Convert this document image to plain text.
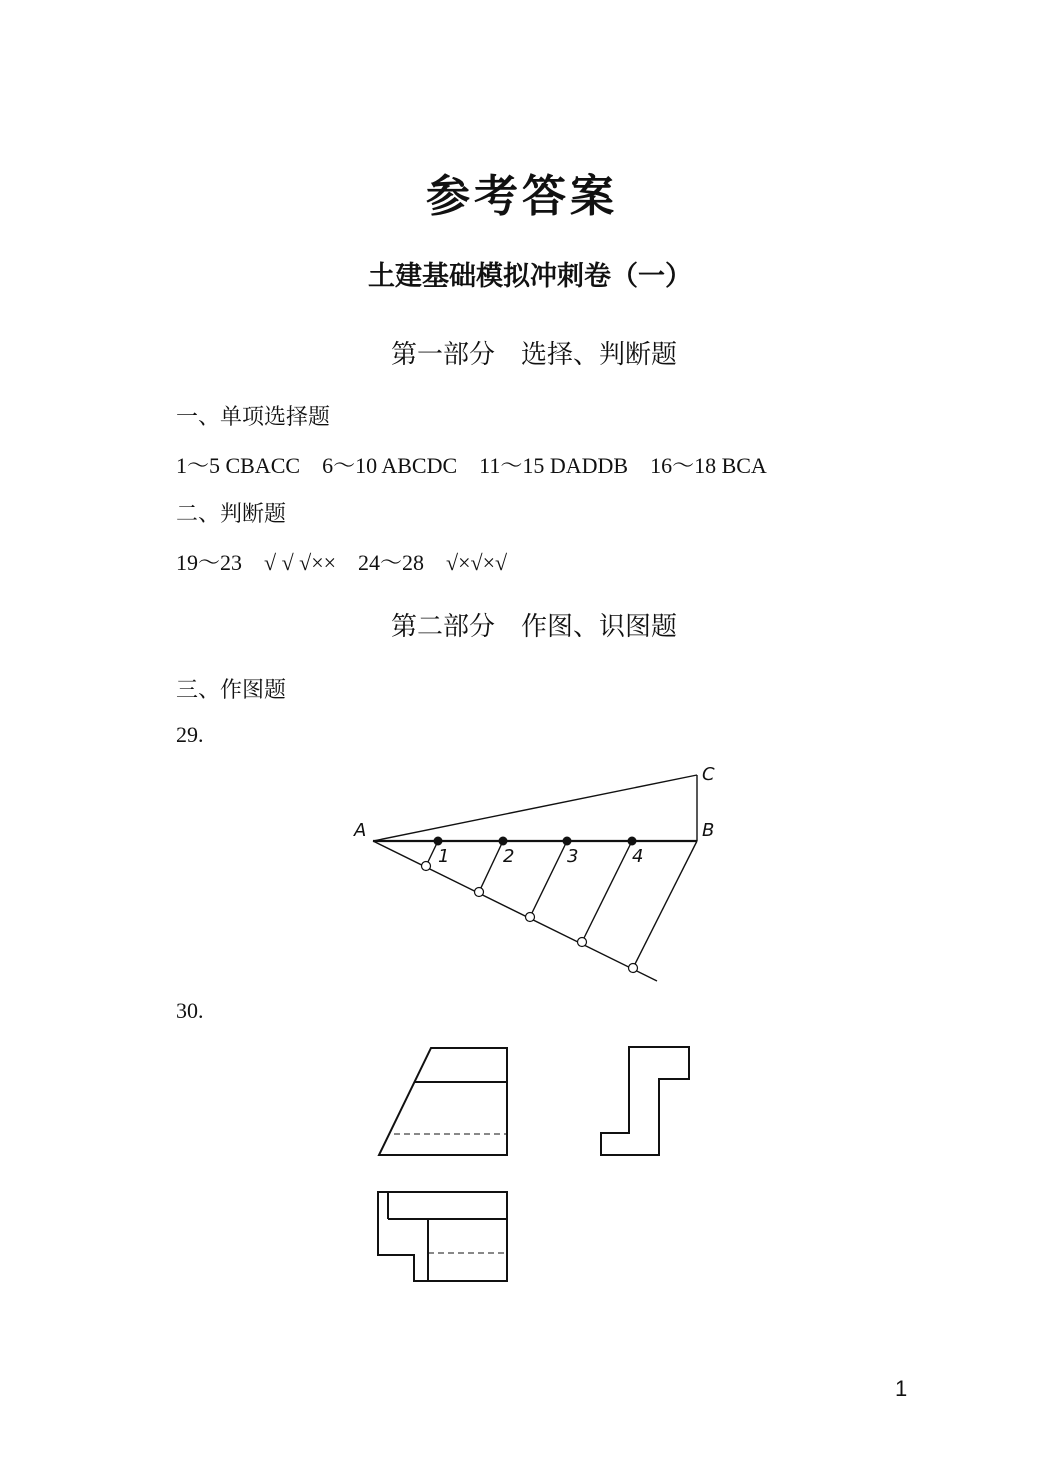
参考答案
土建基础模拟冲刺卷（一）
第一部分　选择、判断题
一、单项选择题
1～5 CBACC　6～10 ABCDC　11～15 DADDB　16～18 BCA
二、判断题
19～23　√ √ √××　24～28　√×√×√
第二部分　作图、识图题
三、作图题
29.
A	B
C
1	2	3	4
30.
1
